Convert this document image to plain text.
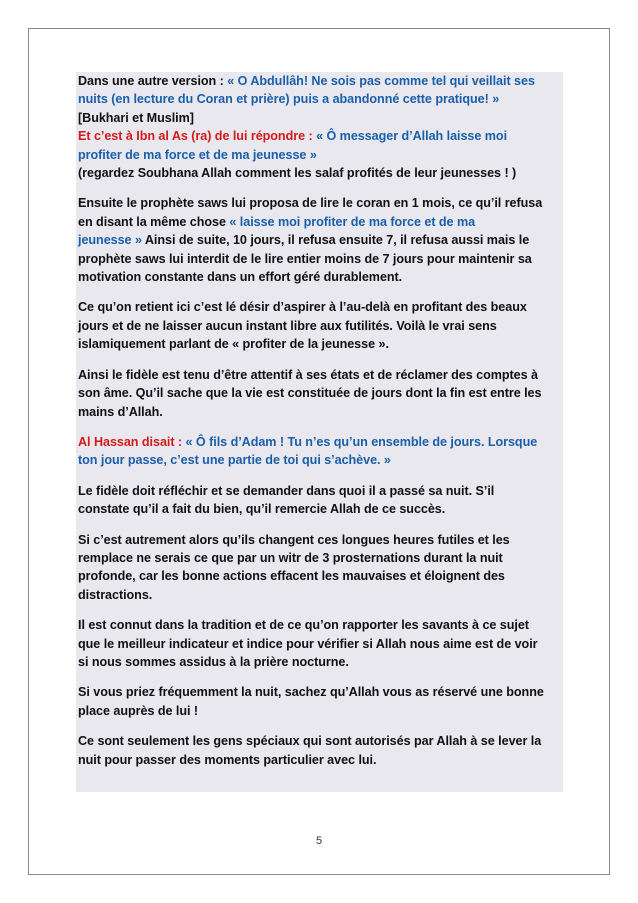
Dans une autre version : « O Abdullâh! Ne sois pas comme tel qui veillait ses
nuits (en lecture du Coran et prière) puis a abandonné cette pratique! »
[Bukhari et Muslim]
Et c’est à Ibn al As (ra) de lui répondre : « Ô messager d’Allah laisse moi
profiter de ma force et de ma jeunesse »
(regardez Soubhana Allah comment les salaf profités de leur jeunesses ! )

Ensuite le prophète saws lui proposa de lire le coran en 1 mois, ce qu’il refusa
en disant la même chose « laisse moi profiter de ma force et de ma
jeunesse » Ainsi de suite, 10 jours, il refusa ensuite 7, il refusa aussi mais le
prophète saws lui interdit de le lire entier moins de 7 jours pour maintenir sa
motivation constante dans un effort géré durablement.

Ce qu’on retient ici c’est lé désir d’aspirer à l’au-delà en profitant des beaux
jours et de ne laisser aucun instant libre aux futilités. Voilà le vrai sens
islamiquement parlant de « profiter de la jeunesse ».

Ainsi le fidèle est tenu d’être attentif à ses états et de réclamer des comptes à
son âme. Qu’il sache que la vie est constituée de jours dont la fin est entre les
mains d’Allah.

Al Hassan disait : « Ô fils d’Adam ! Tu n’es qu’un ensemble de jours. Lorsque
ton jour passe, c’est une partie de toi qui s’achève. »

Le fidèle doit réfléchir et se demander dans quoi il a passé sa nuit. S’il
constate qu’il a fait du bien, qu’il remercie Allah de ce succès.

Si c’est autrement alors qu’ils changent ces longues heures futiles et les
remplace ne serais ce que par un witr de 3 prosternations durant la nuit
profonde, car les bonne actions effacent les mauvaises et éloignent des
distractions.

Il est connut dans la tradition et de ce qu’on rapporter les savants à ce sujet
que le meilleur indicateur et indice pour vérifier si Allah nous aime est de voir
si nous sommes assidus à la prière nocturne.

Si vous priez fréquemment la nuit, sachez qu’Allah vous as réservé une bonne
place auprès de lui !

Ce sont seulement les gens spéciaux qui sont autorisés par Allah à se lever la
nuit pour passer des moments particulier avec lui.

5
